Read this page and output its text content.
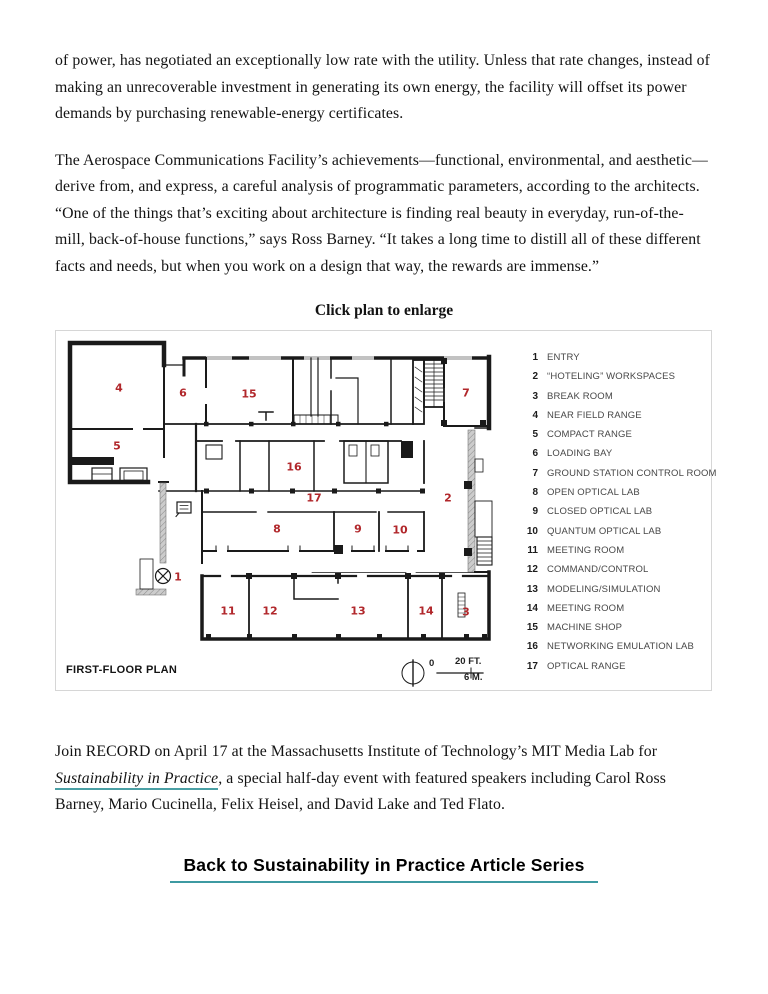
of power, has negotiated an exceptionally low rate with the utility. Unless that rate changes, instead of making an unrecoverable investment in generating its own energy, the facility will offset its power demands by purchasing renewable-energy certificates.

The Aerospace Communications Facility’s achievements—functional, environmental, and aesthetic—derive from, and express, a careful analysis of programmatic parameters, according to the architects. “One of the things that’s exciting about architecture is finding real beauty in everyday, run-of-the-mill, back-of-house functions,” says Ross Barney. “It takes a long time to distill all of these different facts and needs, but when you work on a design that way, the rewards are immense.”

Click plan to enlarge
4
5
6	15	7
16
17	2
8	9	10
1
11 12	13	14	3
1 ENTRY
2 “HOTELING” WORKSPACES
3 BREAK ROOM
4 NEAR FIELD RANGE
5 COMPACT RANGE
6 LOADING BAY
7 GROUND STATION CONTROL ROOM
8 OPEN OPTICAL LAB
9 CLOSED OPTICAL LAB
10 QUANTUM OPTICAL LAB
11 MEETING ROOM
12 COMMAND/CONTROL
13 MODELING/SIMULATION
14 MEETING ROOM
15 MACHINE SHOP
16 NETWORKING EMULATION LAB
17 OPTICAL RANGE
FIRST-FLOOR PLAN
0 20 FT.
6 M.

Join RECORD on April 17 at the Massachusetts Institute of Technology’s MIT Media Lab for Sustainability in Practice, a special half-day event with featured speakers including Carol Ross Barney, Mario Cucinella, Felix Heisel, and David Lake and Ted Flato.

Back to Sustainability in Practice Article Series
